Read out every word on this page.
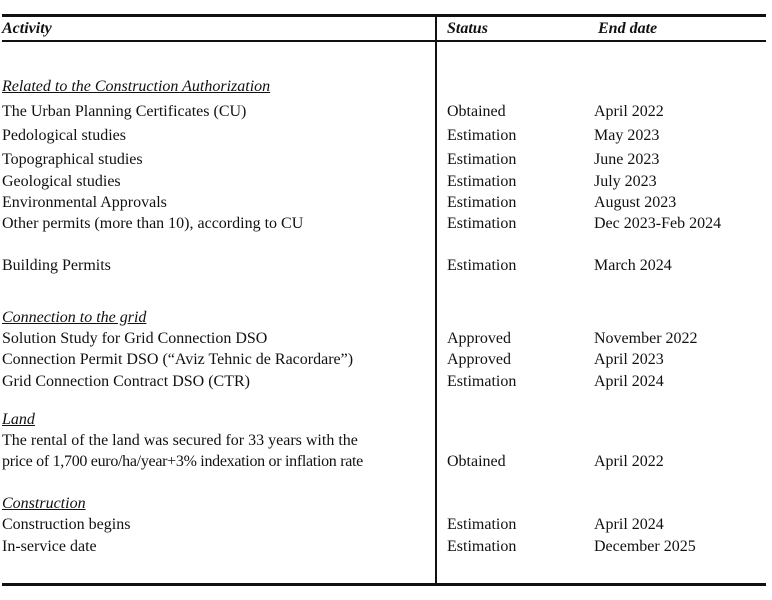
Activity	Status	End date
Related to the Construction Authorization
The Urban Planning Certificates (CU)	Obtained	April 2022
Pedological studies	Estimation	May 2023
Topographical studies	Estimation	June 2023
Geological studies	Estimation	July 2023
Environmental Approvals	Estimation	August 2023
Other permits (more than 10), according to CU	Estimation	Dec 2023-Feb 2024
Building Permits	Estimation	March 2024
Connection to the grid
Solution Study for Grid Connection DSO	Approved	November 2022
Connection Permit DSO (“Aviz Tehnic de Racordare”)	Approved	April 2023
Grid Connection Contract DSO (CTR)	Estimation	April 2024
Land
The rental of the land was secured for 33 years with the
price of 1,700 euro/ha/year+3% indexation or inflation rate	Obtained	April 2022
Construction
Construction begins	Estimation	April 2024
In-service date	Estimation	December 2025
